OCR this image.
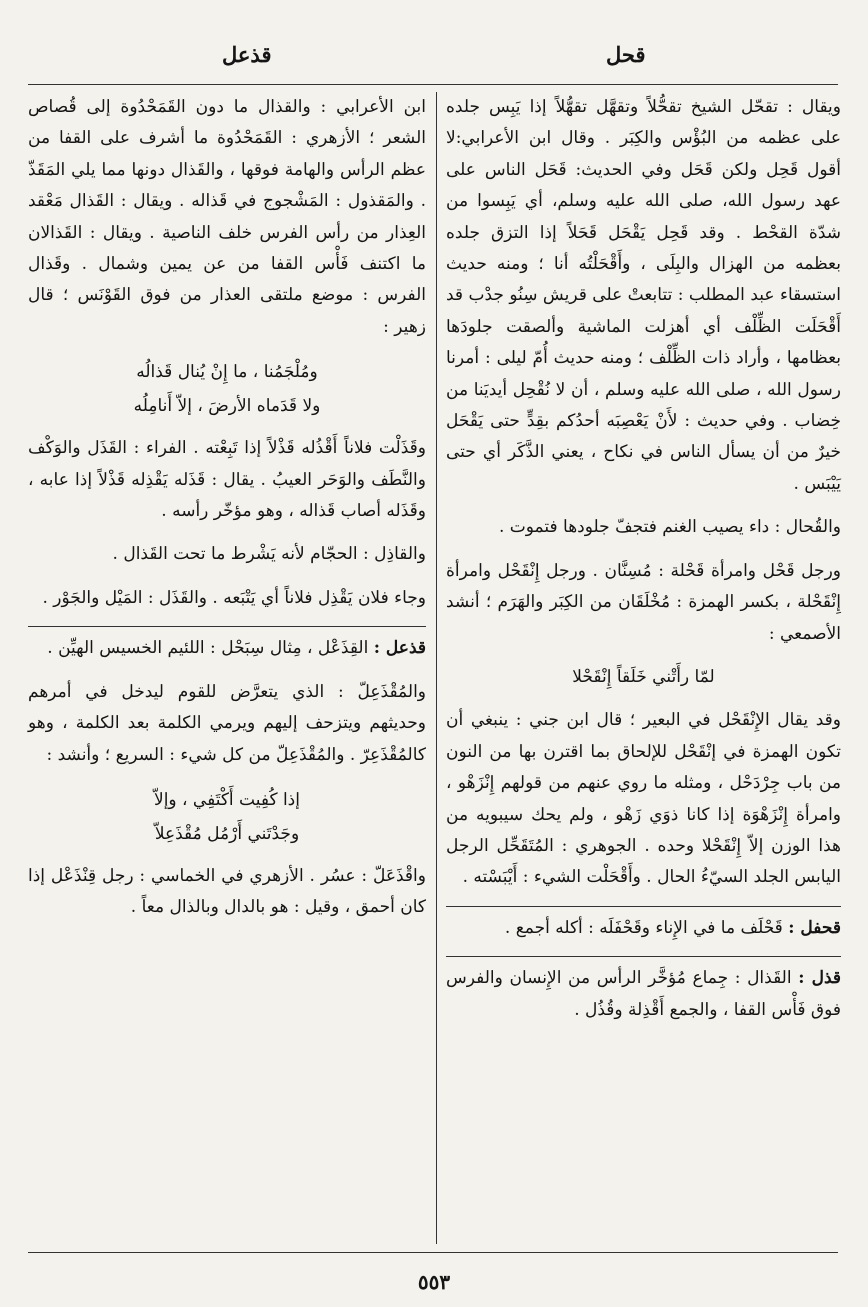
قحل
قذعل

ويقال : تقحّل الشيخ تقحُّلاً وتقهَّل تقهُّلاً إذا يَبِس جلده على عظمه من البُؤْس والكِبَر . وقال ابن الأعرابي:لا أقول قَحِل ولكن قَحَل وفي الحديث: قَحَل الناس على عهد رسول الله، صلى الله عليه وسلم، أي يَبِسوا من شدّة القحْط . وقد قَحِل يَقْحَل قَحَلاً إذا التزق جلده بعظمه من الهزال والبِلَى ، وأَقْحَلْتُه أنا ؛ ومنه حديث استسقاء عبد المطلب : تتابعتْ على قريش سِنُو جدْب قد أَقْحَلَت الظِّلْف أي أهزلت الماشية وألصقت جلودَها بعظامها ، وأراد ذات الظِّلْف ؛ ومنه حديث أُمّ ليلى : أمرنا رسول الله ، صلى الله عليه وسلم ، أن لا نُقْحِل أيديَنا من خِضاب . وفي حديث : لأَنْ يَعْصِبَه أحدُكم بقِدٍّ حتى يَقْحَل خيرٌ من أن يسأل الناس في نكاح ، يعني الذَّكَر أي حتى يَيْبَس .

والقُحال : داء يصيب الغنم فتجفّ جلودها فتموت .

ورجل قَحْل وامرأة قَحْلة : مُسِنَّان . ورجل إِنْقَحْل وامرأة إِنْقَحْلة ، بكسر الهمزة : مُخْلَقَان من الكِبَر والهَرَم ؛ أنشد الأصمعي :

لمّا رأَتْني خَلَقاً إِنْقَحْلا

وقد يقال الإِنْقَحْل في البعير ؛ قال ابن جني : ينبغي أن تكون الهمزة في إنْقَحْل للإلحاق بما اقترن بها من النون من باب جِرْدَحْل ، ومثله ما روي عنهم من قولهم إِنْزَهْو ، وامرأة إِنْزَهْوَة إذا كانا ذوَي زَهْو ، ولم يحك سيبويه من هذا الوزن إلاّ إِنْقَحْلا وحده . الجوهري : المُتَقَحِّل الرجل اليابس الجلد السيّءُ الحال . وأَقْحَلْت الشيء : أَيْبَسْته .

قحفل : قَحْلَف ما في الإِناء وقَحْفَلَه : أكله أجمع .

قذل : القَذال : جِماع مُؤخَّر الرأس من الإِنسان والفرس فوق فَأْس القفا ، والجمع أَقْذِلة وقُذُل .

ابن الأعرابي : والقذال ما دون القَمَحْدُوة إلى قُصاص الشعر ؛ الأزهري : القَمَحْدُوة ما أشرف على القفا من عظم الرأس والهامة فوقها ، والقَذال دونها مما يلي المَقَذّ . والمَقذول : المَشْجوج في قَذاله . ويقال : القَذال مَعْقد العِذار من رأس الفرس خلف الناصية . ويقال : القَذالان ما اكتنف فَأْس القفا من عن يمين وشمال . وقَذال الفرس : موضع ملتقى العذار من فوق القَوْنَس ؛ قال زهير :

ومُلْجَمُنا ، ما إِنْ يُنال قَذالُه
ولا قَدَماه الأرضَ ، إلاّ أَنامِلُه

وقَذَلْت فلاناً أَقْذُله قَذْلاً إذا تَبِعْته . الفراء : القَذَل والوَكْف والنَّطَف والوَحَر العيبُ . يقال : قَذَله يَقْذِله قَذْلاً إذا عابه ، وقَذَله أصاب قَذاله ، وهو مؤخّر رأسه .

والقاذِل : الحجّام لأنه يَشْرط ما تحت القَذال .

وجاء فلان يَقْذِل فلاناً أي يَتْبَعه . والقَذَل : المَيْل والجَوْر .

قذعل : القِذَعْل ، مِثال سِبَحْل : اللئيم الخسيس الهيِّن .

والمُقْذَعِلّ : الذي يتعرَّض للقوم ليدخل في أمرهم وحديثهم ويتزحف إليهم ويرمي الكلمة بعد الكلمة ، وهو كالمُقْذَعِرّ . والمُقْذَعِلّ من كل شيء : السريع ؛ وأنشد :

إذا كُفِيت أَكْتَفِي ، وإلاّ
وجَدْتَني أَرْمُل مُقْذَعِلاّ

واقْذَعَلّ : عسُر . الأزهري في الخماسي : رجل قِنْذَعْل إذا كان أحمق ، وقيل : هو بالدال وبالذال معاً .

٥٥٣
